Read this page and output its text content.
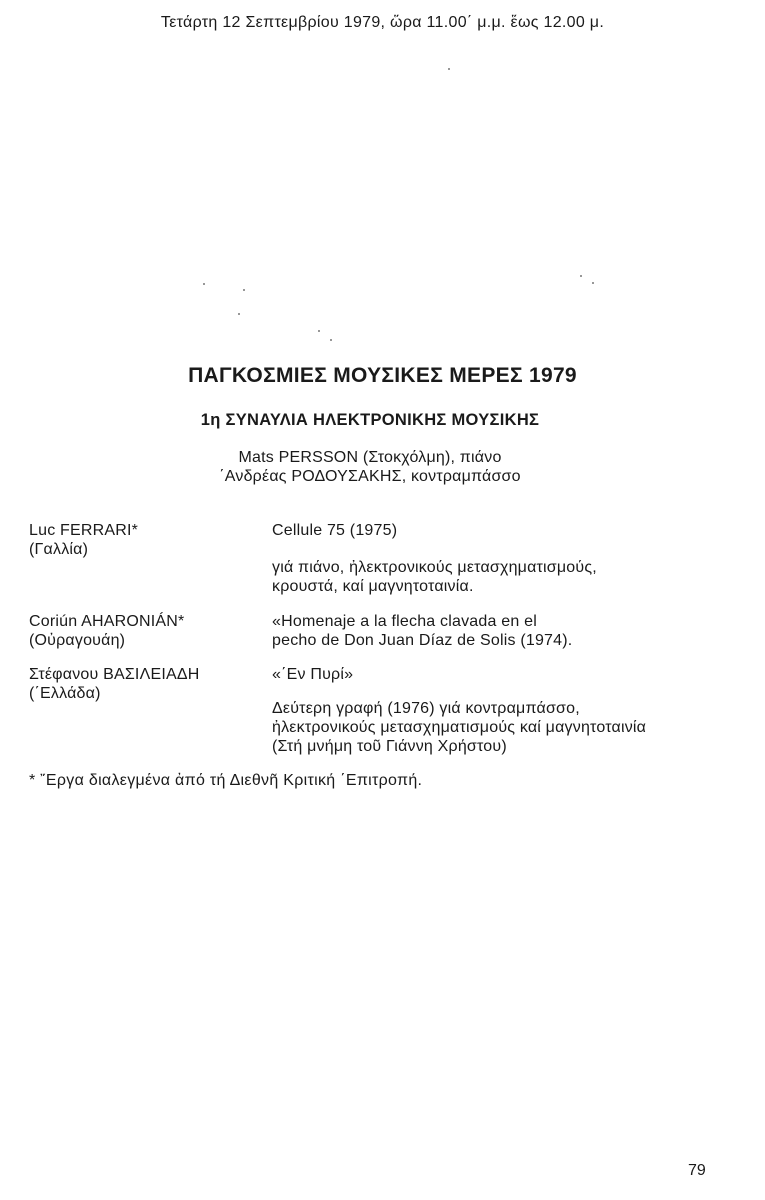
Τετάρτη 12 Σεπτεμβρίου 1979, ὥρα 11.00΄ μ.μ. ἕως 12.00 μ.
ΠΑΓΚΟΣΜΙΕΣ ΜΟΥΣΙΚΕΣ ΜΕΡΕΣ 1979
1η ΣΥΝΑΥΛΙΑ ΗΛΕΚΤΡΟΝΙΚΗΣ ΜΟΥΣΙΚΗΣ
Mats PERSSON (Στοκχόλμη), πιάνο
΄Ανδρέας ΡΟΔΟΥΣΑΚΗΣ, κοντραμπάσσο
Luc FERRARI*
(Γαλλία)
Cellule 75 (1975)
γιά πιάνο, ἠλεκτρονικούς μετασχηματισμούς,
κρουστά, καί μαγνητοταινία.
Coriún AHARONIÁN*
(Οὐραγουάη)
«Homenaje a la flecha clavada en el
pecho de Don Juan Díaz de Solis (1974).
Στέφανου ΒΑΣΙΛΕΙΑΔΗ
(΄Ελλάδα)
«΄Εν Πυρί»
Δεύτερη γραφή (1976) γιά κοντραμπάσσο,
ἠλεκτρονικούς μετασχηματισμούς καί μαγνητοταινία
(Στή μνήμη τοῦ Γιάννη Χρήστου)
* ῎Εργα διαλεγμένα ἀπό τή Διεθνῆ Κριτική ΄Επιτροπή.
79
